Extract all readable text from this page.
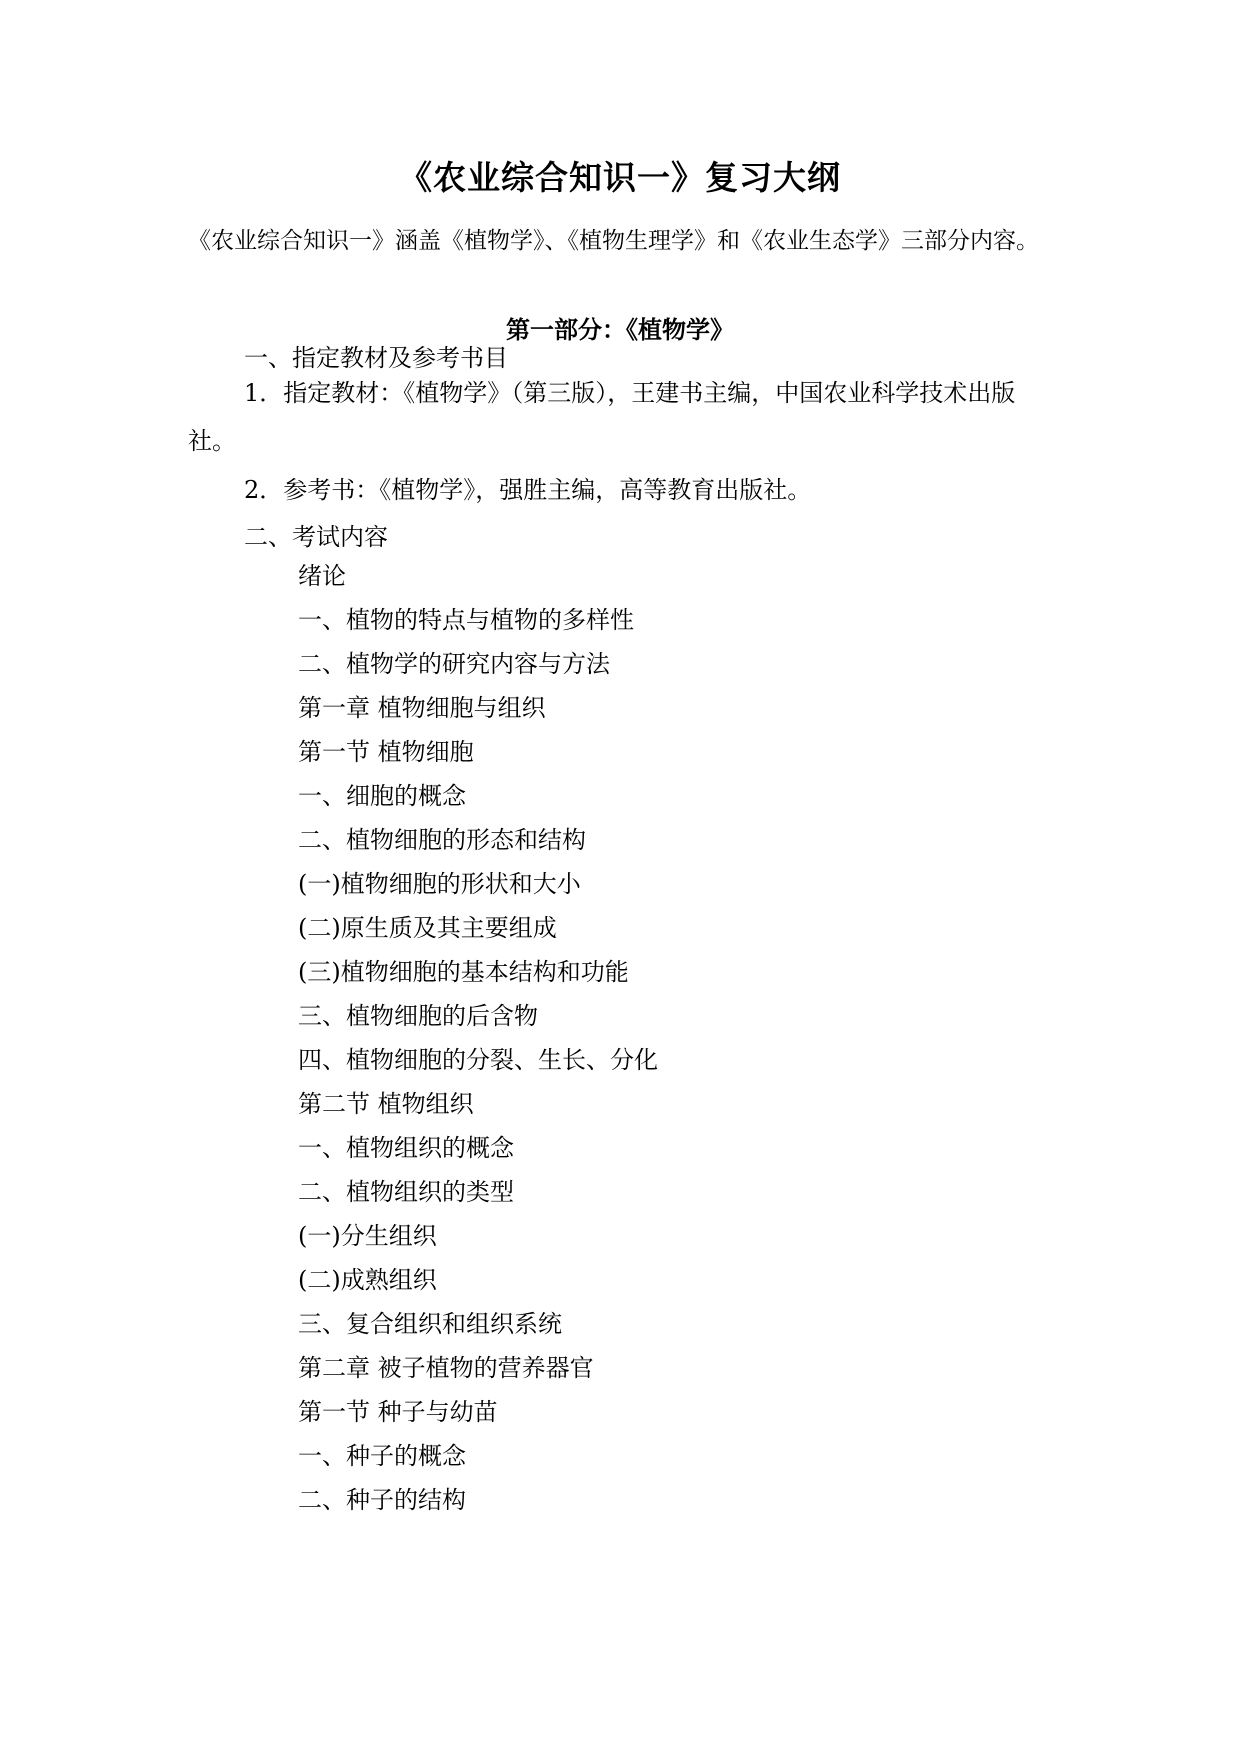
《农业综合知识一》复习大纲

《农业综合知识一》涵盖《植物学》、《植物生理学》和《农业生态学》三部分内容。

第一部分：《植物学》

一、指定教材及参考书目

1．指定教材：《植物学》（第三版），王建书主编，中国农业科学技术出版

社。

2．参考书：《植物学》，强胜主编，高等教育出版社。

二、考试内容

绪论
一、植物的特点与植物的多样性
二、植物学的研究内容与方法
第一章 植物细胞与组织
第一节 植物细胞
一、细胞的概念
二、植物细胞的形态和结构
(一)植物细胞的形状和大小
(二)原生质及其主要组成
(三)植物细胞的基本结构和功能
三、植物细胞的后含物
四、植物细胞的分裂、生长、分化
第二节 植物组织
一、植物组织的概念
二、植物组织的类型
(一)分生组织
(二)成熟组织
三、复合组织和组织系统
第二章 被子植物的营养器官
第一节 种子与幼苗
一、种子的概念
二、种子的结构
